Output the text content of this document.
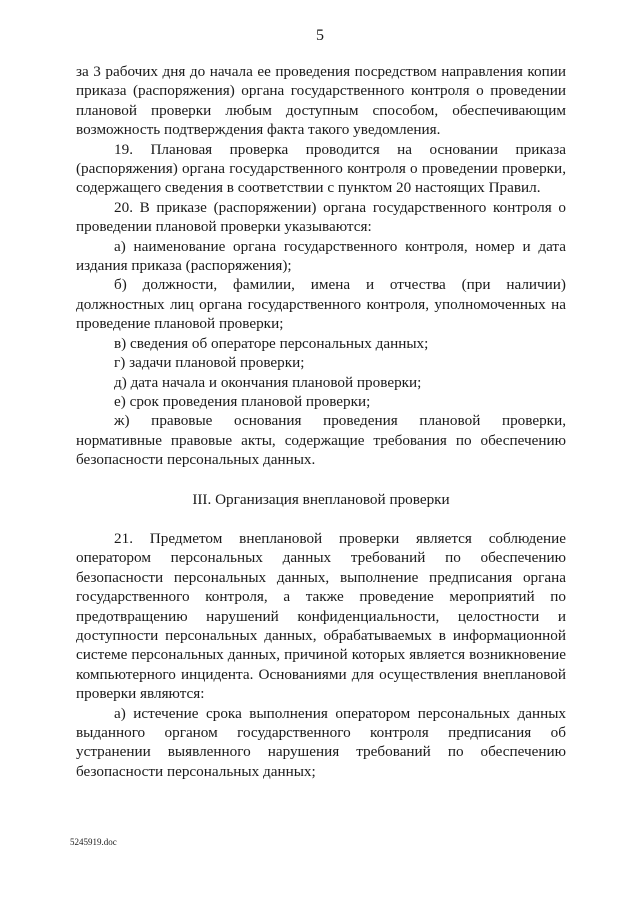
5

за 3 рабочих дня до начала ее проведения посредством направления копии приказа (распоряжения) органа государственного контроля о проведении плановой проверки любым доступным способом, обеспечивающим возможность подтверждения факта такого уведомления.

19. Плановая проверка проводится на основании приказа (распоряжения) органа государственного контроля о проведении проверки, содержащего сведения в соответствии с пунктом 20 настоящих Правил.

20. В приказе (распоряжении) органа государственного контроля о проведении плановой проверки указываются:

а) наименование органа государственного контроля, номер и дата издания приказа (распоряжения);

б) должности, фамилии, имена и отчества (при наличии) должностных лиц органа государственного контроля, уполномоченных на проведение плановой проверки;

в) сведения об операторе персональных данных;

г) задачи плановой проверки;

д) дата начала и окончания плановой проверки;

е) срок проведения плановой проверки;

ж) правовые основания проведения плановой проверки, нормативные правовые акты, содержащие требования по обеспечению безопасности персональных данных.

III. Организация внеплановой проверки

21. Предметом внеплановой проверки является соблюдение оператором персональных данных требований по обеспечению безопасности персональных данных, выполнение предписания органа государственного контроля, а также проведение мероприятий по предотвращению нарушений конфиденциальности, целостности и доступности персональных данных, обрабатываемых в информационной системе персональных данных, причиной которых является возникновение компьютерного инцидента. Основаниями для осуществления внеплановой проверки являются:

а) истечение срока выполнения оператором персональных данных выданного органом государственного контроля предписания об устранении выявленного нарушения требований по обеспечению безопасности персональных данных;

5245919.doc
